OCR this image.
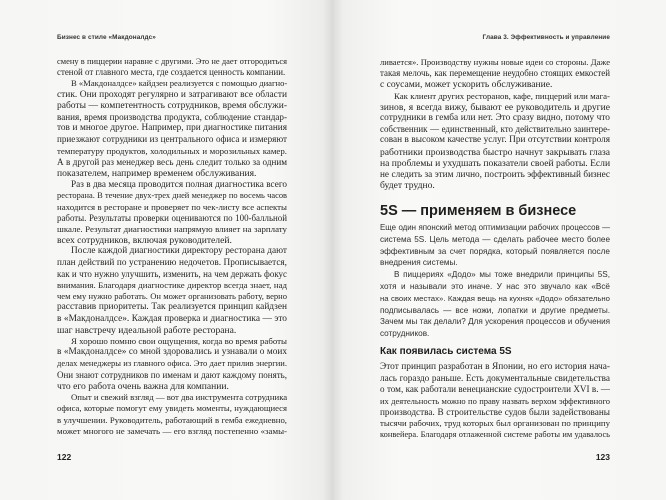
Бизнес в стиле «Макдоналдс»
смену в пиццерии наравне с другими. Это не дает отгородиться
стеной от главного места, где создается ценность компании.
В «Макдоналдсе» кайдзен реализуется с помощью диагно-
стик. Они проходят регулярно и затрагивают все области
работы — компетентность сотрудников, время обслужи-
вания, время производства продукта, соблюдение стандар-
тов и многое другое. Например, при диагностике питания
приезжают сотрудники из центрального офиса и измеряют
температуру продуктов, холодильных и морозильных камер.
А в другой раз менеджер весь день следит только за одним
показателем, например временем обслуживания.
Раз в два месяца проводится полная диагностика всего
ресторана. В течение двух-трех дней менеджер по восемь часов
находится в ресторане и проверяет по чек-листу все аспекты
работы. Результаты проверки оцениваются по 100-балльной
шкале. Результат диагностики напрямую влияет на зарплату
всех сотрудников, включая руководителей.
После каждой диагностики директору ресторана дают
план действий по устранению недочетов. Прописывается,
как и что нужно улучшить, изменить, на чем держать фокус
внимания. Благодаря диагностике директор всегда знает, над
чем ему нужно работать. Он может организовать работу, верно
расставив приоритеты. Так реализуется принцип кайдзен
в «Макдоналдсе». Каждая проверка и диагностика — это
шаг навстречу идеальной работе ресторана.
Я хорошо помню свои ощущения, когда во время работы
в «Макдоналдсе» со мной здоровались и узнавали о моих
делах менеджеры из главного офиса. Это дает прилив энергии.
Они знают сотрудников по именам и дают каждому понять,
что его работа очень важна для компании.
Опыт и свежий взгляд — вот два инструмента сотрудника
офиса, которые помогут ему увидеть моменты, нуждающиеся
в улучшении. Руководитель, работающий в гемба ежедневно,
может многого не замечать — его взгляд постепенно «замы-
122
Глава 3. Эффективность и управление
ливается». Производству нужны новые идеи со стороны. Даже
такая мелочь, как перемещение неудобно стоящих емкостей
с соусами, может ускорить обслуживание.
Как клиент других ресторанов, кафе, пиццерий или мага-
зинов, я всегда вижу, бывают ее руководитель и другие
сотрудники в гемба или нет. Это сразу видно, потому что
собственник — единственный, кто действительно заинтере-
сован в высоком качестве услуг. При отсутствии контроля
работники производства быстро начнут закрывать глаза
на проблемы и ухудшать показатели своей работы. Если
не следить за этим лично, построить эффективный бизнес
будет трудно.
5S — применяем в бизнесе
Еще один японский метод оптимизации рабочих процессов —
система 5S. Цель метода — сделать рабочее место более
эффективным за счет порядка, который появляется после
внедрения системы.
В пиццериях «Додо» мы тоже внедрили принципы 5S,
хотя и называли это иначе. У нас это звучало как «Всё
на своих местах». Каждая вещь на кухнях «Додо» обязательно
подписывалась — все ножи, лопатки и другие предметы.
Зачем мы так делали? Для ускорения процессов и обучения
сотрудников.
Как появилась система 5S
Этот принцип разработан в Японии, но его история нача-
лась гораздо раньше. Есть документальные свидетельства
о том, как работали венецианские судостроители XVI в. —
их деятельность можно по праву назвать верхом эффективного
производства. В строительстве судов были задействованы
тысячи рабочих, труд которых был организован по принципу
конвейера. Благодаря отлаженной системе работы им удавалось
123
